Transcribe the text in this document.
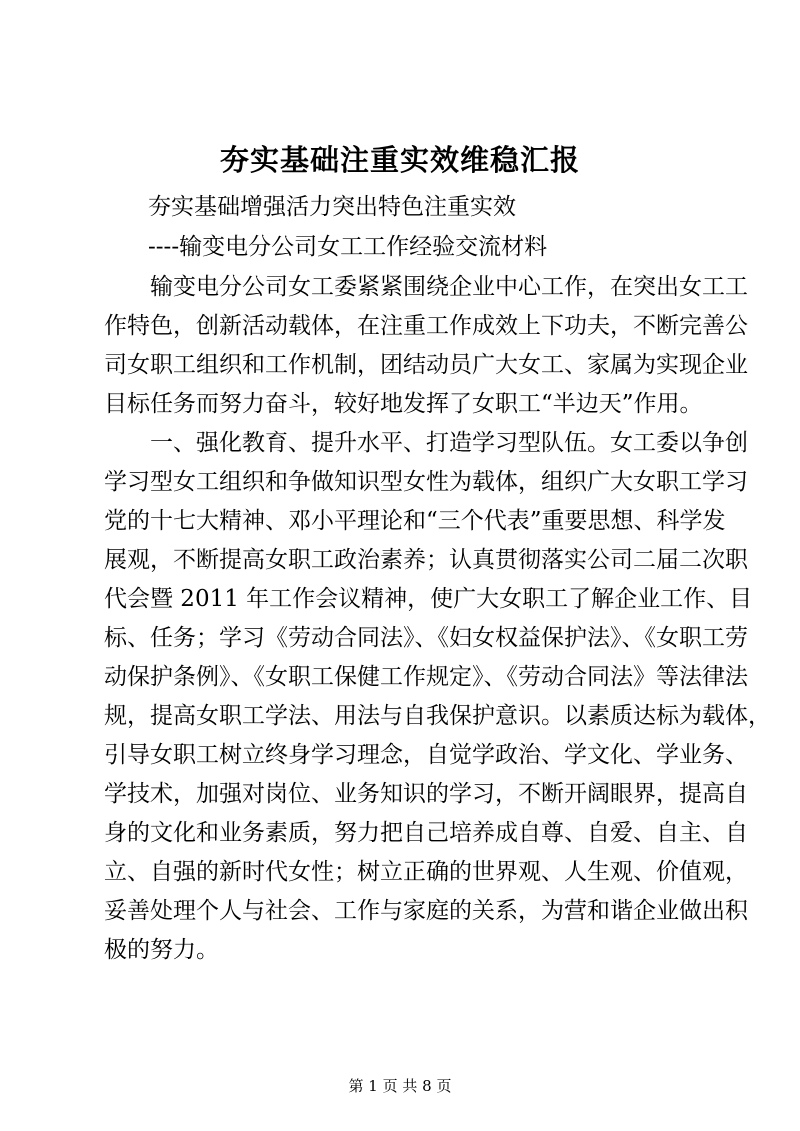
夯实基础注重实效维稳汇报
夯实基础增强活力突出特色注重实效
----输变电分公司女工工作经验交流材料
输变电分公司女工委紧紧围绕企业中心工作，在突出女工工
作特色，创新活动载体，在注重工作成效上下功夫，不断完善公
司女职工组织和工作机制，团结动员广大女工、家属为实现企业
目标任务而努力奋斗，较好地发挥了女职工“半边天”作用。
一、强化教育、提升水平、打造学习型队伍。女工委以争创
学习型女工组织和争做知识型女性为载体，组织广大女职工学习
党的十七大精神、邓小平理论和“三个代表”重要思想、科学发
展观，不断提高女职工政治素养；认真贯彻落实公司二届二次职
代会暨 2011 年工作会议精神，使广大女职工了解企业工作、目
标、任务；学习《劳动合同法》、《妇女权益保护法》、《女职工劳
动保护条例》、《女职工保健工作规定》、《劳动合同法》等法律法
规，提高女职工学法、用法与自我保护意识。以素质达标为载体，
引导女职工树立终身学习理念，自觉学政治、学文化、学业务、
学技术，加强对岗位、业务知识的学习，不断开阔眼界，提高自
身的文化和业务素质，努力把自己培养成自尊、自爱、自主、自
立、自强的新时代女性；树立正确的世界观、人生观、价值观，
妥善处理个人与社会、工作与家庭的关系，为营和谐企业做出积
极的努力。
第 1 页 共 8 页
